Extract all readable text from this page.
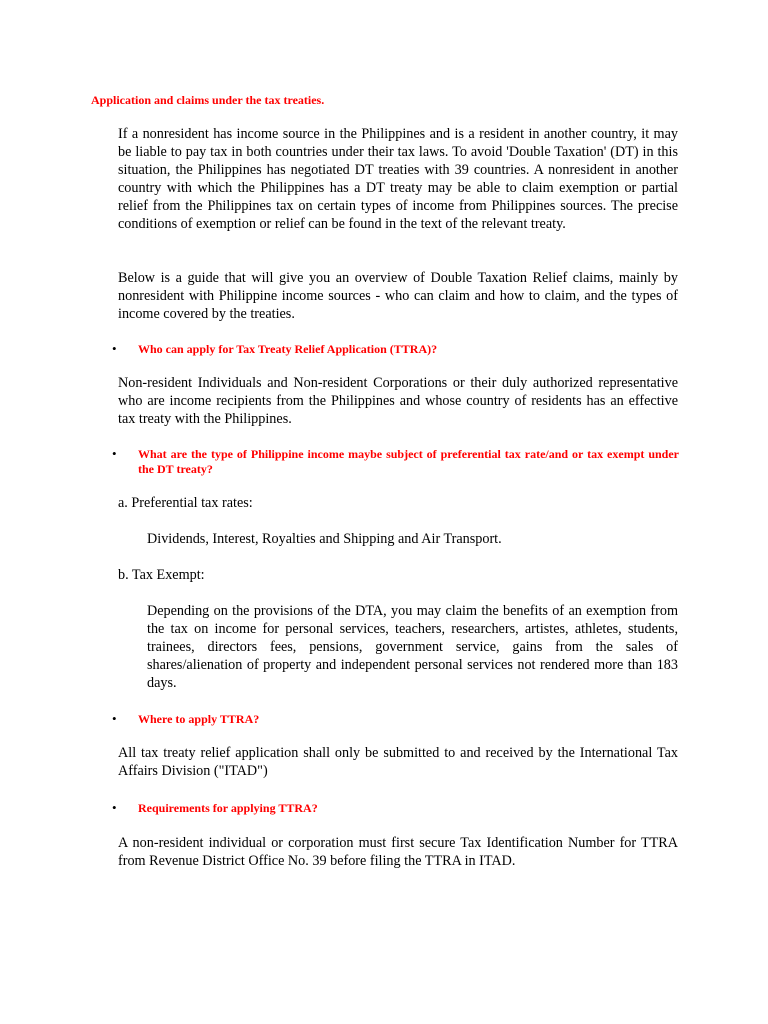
Application and claims under the tax treaties.

If a nonresident has income source in the Philippines and is a resident in another country, it may be liable to pay tax in both countries under their tax laws. To avoid 'Double Taxation' (DT) in this situation, the Philippines has negotiated DT treaties with 39 countries. A nonresident in another country with which the Philippines has a DT treaty may be able to claim exemption or partial relief from the Philippines tax on certain types of income from Philippines sources. The precise conditions of exemption or relief can be found in the text of the relevant treaty.

Below is a guide that will give you an overview of Double Taxation Relief claims, mainly by nonresident with Philippine income sources - who can claim and how to claim, and the types of income covered by the treaties.

• Who can apply for Tax Treaty Relief Application (TTRA)?

Non-resident Individuals and Non-resident Corporations or their duly authorized representative who are income recipients from the Philippines and whose country of residents has an effective tax treaty with the Philippines.

• What are the type of Philippine income maybe subject of preferential tax rate/and or tax exempt under the DT treaty?
a. Preferential tax rates:
Dividends, Interest, Royalties and Shipping and Air Transport.
b. Tax Exempt:

Depending on the provisions of the DTA, you may claim the benefits of an exemption from the tax on income for personal services, teachers, researchers, artistes, athletes, students, trainees, directors fees, pensions, government service, gains from the sales of shares/alienation of property and independent personal services not rendered more than 183 days.

• Where to apply TTRA?

All tax treaty relief application shall only be submitted to and received by the International Tax Affairs Division ("ITAD")

• Requirements for applying TTRA?

A non-resident individual or corporation must first secure Tax Identification Number for TTRA from Revenue District Office No. 39 before filing the TTRA in ITAD.
